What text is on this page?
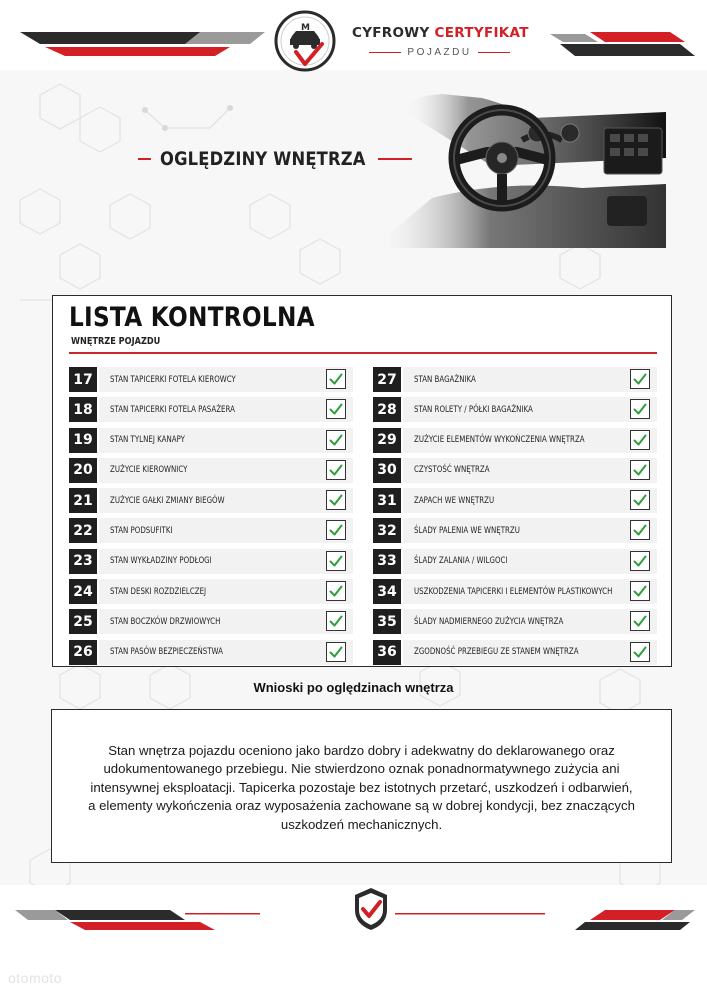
M	CYFROWY CERTYFIKAT
POJAZDU
OGLĘDZINY WNĘTRZA
LISTA KONTROLNA
WNĘTRZE POJAZDU
17	STAN TAPICERKI FOTELA KIEROWCY
18	STAN TAPICERKI FOTELA PASAŻERA
19	STAN TYLNEJ KANAPY
20	ZUŻYCIE KIEROWNICY
21	ZUŻYCIE GAŁKI ZMIANY BIEGÓW
22	STAN PODSUFITKI
23	STAN WYKŁADZINY PODŁOGI
24	STAN DESKI ROZDZIELCZEJ
25	STAN BOCZKÓW DRZWIOWYCH
26	STAN PASÓW BEZPIECZEŃSTWA
27	STAN BAGAŻNIKA
28	STAN ROLETY / PÓŁKI BAGAŻNIKA
29	ZUŻYCIE ELEMENTÓW WYKOŃCZENIA WNĘTRZA
30	CZYSTOŚĆ WNĘTRZA
31	ZAPACH WE WNĘTRZU
32	ŚLADY PALENIA WE WNĘTRZU
33	ŚLADY ZALANIA / WILGOCI
34	USZKODZENIA TAPICERKI I ELEMENTÓW PLASTIKOWYCH
35	ŚLADY NADMIERNEGO ZUŻYCIA WNĘTRZA
36	ZGODNOŚĆ PRZEBIEGU ZE STANEM WNĘTRZA
Wnioski po oględzinach wnętrza

Stan wnętrza pojazdu oceniono jako bardzo dobry i adekwatny do deklarowanego oraz udokumentowanego przebiegu. Nie stwierdzono oznak ponadnormatywnego zużycia ani intensywnej eksploatacji. Tapicerka pozostaje bez istotnych przetarć, uszkodzeń i odbarwień, a elementy wykończenia oraz wyposażenia zachowane są w dobrej kondycji, bez znaczących uszkodzeń mechanicznych.

otomoto
